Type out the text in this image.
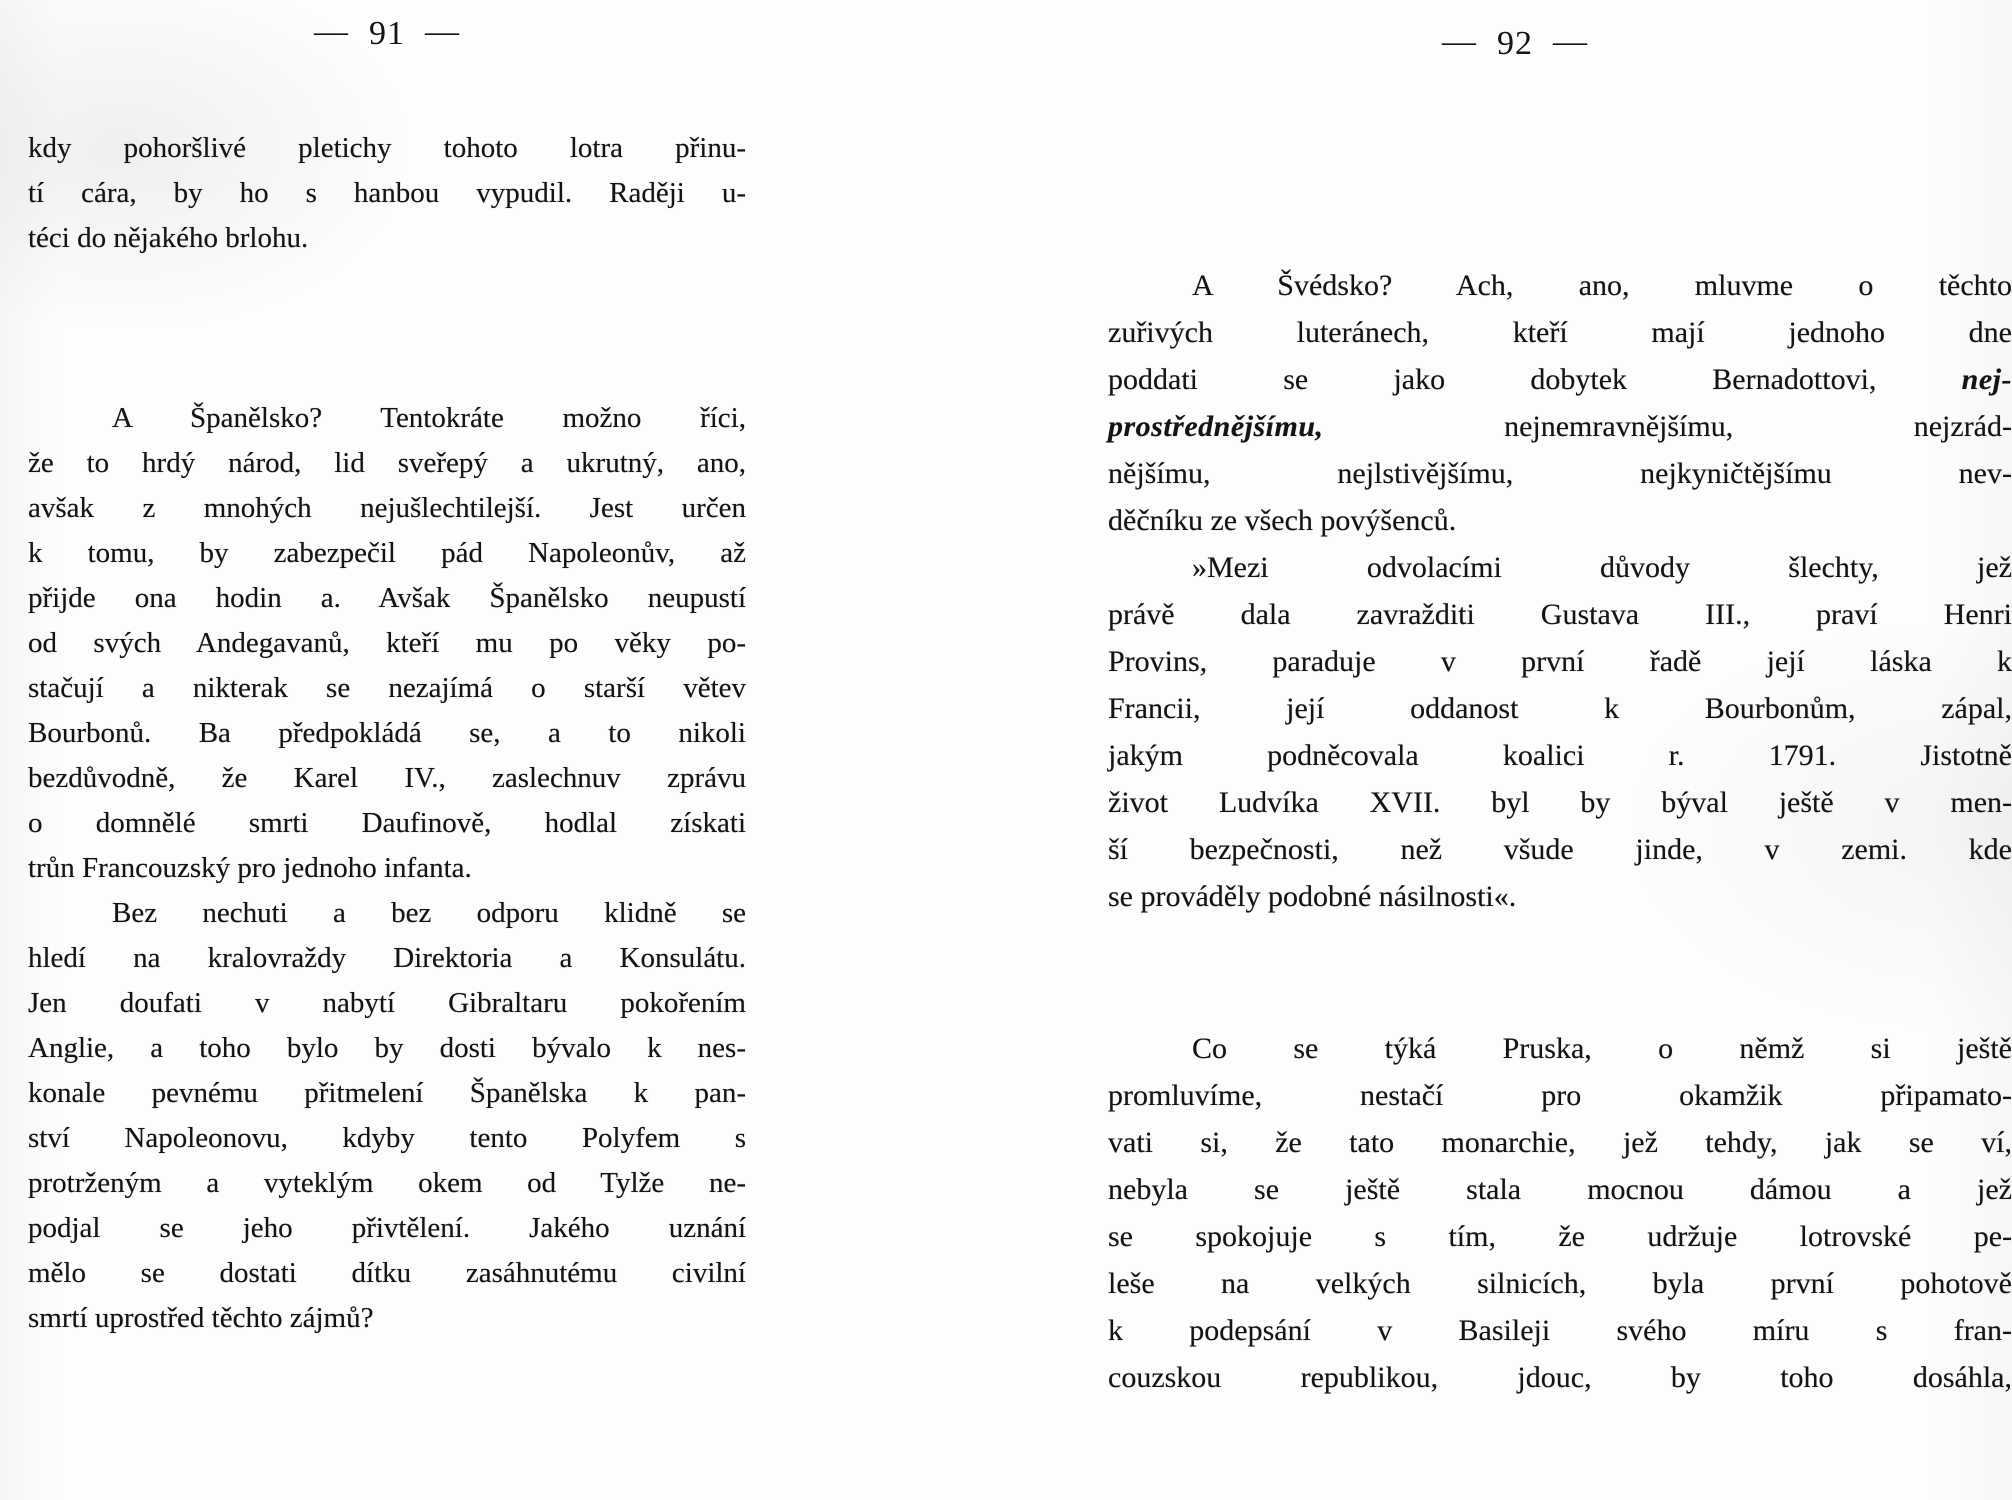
— 91 —
kdy pohoršlivé pletichy tohoto lotra přinu-
tí cára, by ho s hanbou vypudil. Raději u-
téci do nějakého brlohu.
A Španělsko? Tentokráte možno říci,
že to hrdý národ, lid sveřepý a ukrutný, ano,
avšak z mnohých nejušlechtilejší. Jest určen
k tomu, by zabezpečil pád Napoleonův, až
přijde ona hodin a. Avšak Španělsko neupustí
od svých Andegavanů, kteří mu po věky po-
stačují a nikterak se nezajímá o starší větev
Bourbonů. Ba předpokládá se, a to nikoli
bezdůvodně, že Karel IV., zaslechnuv zprávu
o domnělé smrti Daufinově, hodlal získati
trůn Francouzský pro jednoho infanta.
Bez nechuti a bez odporu klidně se
hledí na kralovraždy Direktoria a Konsulátu.
Jen doufati v nabytí Gibraltaru pokořením
Anglie, a toho bylo by dosti bývalo k nes-
konale pevnému přitmelení Španělska k pan-
ství Napoleonovu, kdyby tento Polyfem s
protrženým a vyteklým okem od Tylže ne-
podjal se jeho přivtělení. Jakého uznání
mělo se dostati dítku zasáhnutému civilní
smrtí uprostřed těchto zájmů?
— 92 —
A Švédsko? Ach, ano, mluvme o těchto
zuřivých luteránech, kteří mají jednoho dne
poddati se jako dobytek Bernadottovi, nej-
prostřednějšímu, nejnemravnějšímu, nejzrád-
nějšímu, nejlstivějšímu, nejkyničtějšímu nev-
děčníku ze všech povýšenců.
»Mezi odvolacími důvody šlechty, jež
právě dala zavražditi Gustava III., praví Henri
Provins, paraduje v první řadě její láska k
Francii, její oddanost k Bourbonům, zápal,
jakým podněcovala koalici r. 1791. Jistotně
život Ludvíka XVII. byl by býval ještě v men-
ší bezpečnosti, než všude jinde, v zemi. kde
se prováděly podobné násilnosti«.
Co se týká Pruska, o němž si ještě
promluvíme, nestačí pro okamžik připamato-
vati si, že tato monarchie, jež tehdy, jak se ví,
nebyla se ještě stala mocnou dámou a jež
se spokojuje s tím, že udržuje lotrovské pe-
leše na velkých silnicích, byla první pohotově
k podepsání v Basileji svého míru s fran-
couzskou republikou, jdouc, by toho dosáhla,
